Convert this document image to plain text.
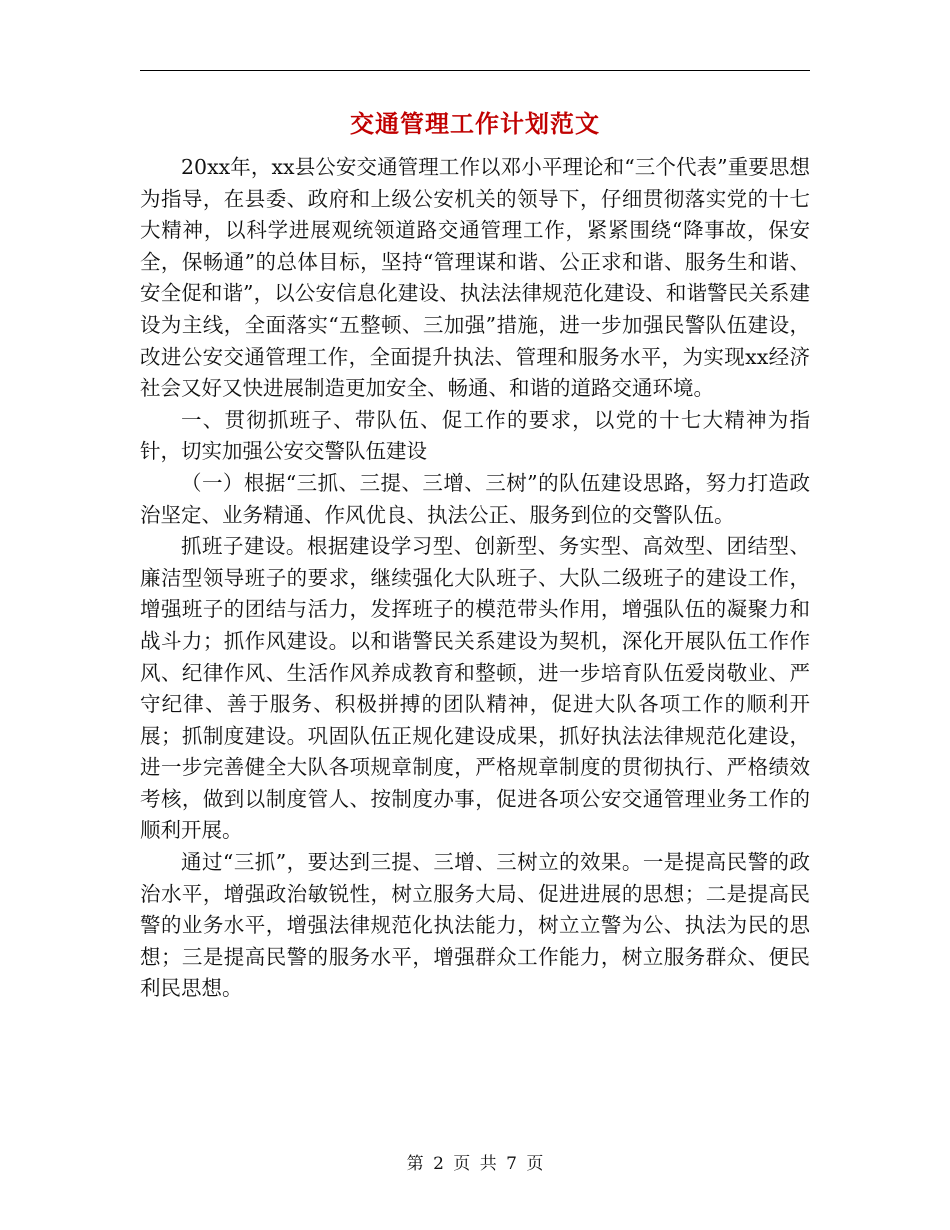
交通管理工作计划范文

20xx年，xx县公安交通管理工作以邓小平理论和“三个代表”重要思想为指导，在县委、政府和上级公安机关的领导下，仔细贯彻落实党的十七大精神，以科学进展观统领道路交通管理工作，紧紧围绕“降事故，保安全，保畅通”的总体目标，坚持“管理谋和谐、公正求和谐、服务生和谐、安全促和谐”，以公安信息化建设、执法法律规范化建设、和谐警民关系建设为主线，全面落实“五整顿、三加强”措施，进一步加强民警队伍建设，改进公安交通管理工作，全面提升执法、管理和服务水平，为实现xx经济社会又好又快进展制造更加安全、畅通、和谐的道路交通环境。

一、贯彻抓班子、带队伍、促工作的要求，以党的十七大精神为指针，切实加强公安交警队伍建设

（一）根据“三抓、三提、三增、三树”的队伍建设思路，努力打造政治坚定、业务精通、作风优良、执法公正、服务到位的交警队伍。

抓班子建设。根据建设学习型、创新型、务实型、高效型、团结型、廉洁型领导班子的要求，继续强化大队班子、大队二级班子的建设工作，增强班子的团结与活力，发挥班子的模范带头作用，增强队伍的凝聚力和战斗力；抓作风建设。以和谐警民关系建设为契机，深化开展队伍工作作风、纪律作风、生活作风养成教育和整顿，进一步培育队伍爱岗敬业、严守纪律、善于服务、积极拼搏的团队精神，促进大队各项工作的顺利开展；抓制度建设。巩固队伍正规化建设成果，抓好执法法律规范化建设，进一步完善健全大队各项规章制度，严格规章制度的贯彻执行、严格绩效考核，做到以制度管人、按制度办事，促进各项公安交通管理业务工作的顺利开展。

通过“三抓”，要达到三提、三增、三树立的效果。一是提高民警的政治水平，增强政治敏锐性，树立服务大局、促进进展的思想；二是提高民警的业务水平，增强法律规范化执法能力，树立立警为公、执法为民的思想；三是提高民警的服务水平，增强群众工作能力，树立服务群众、便民利民思想。

第 2 页 共 7 页
